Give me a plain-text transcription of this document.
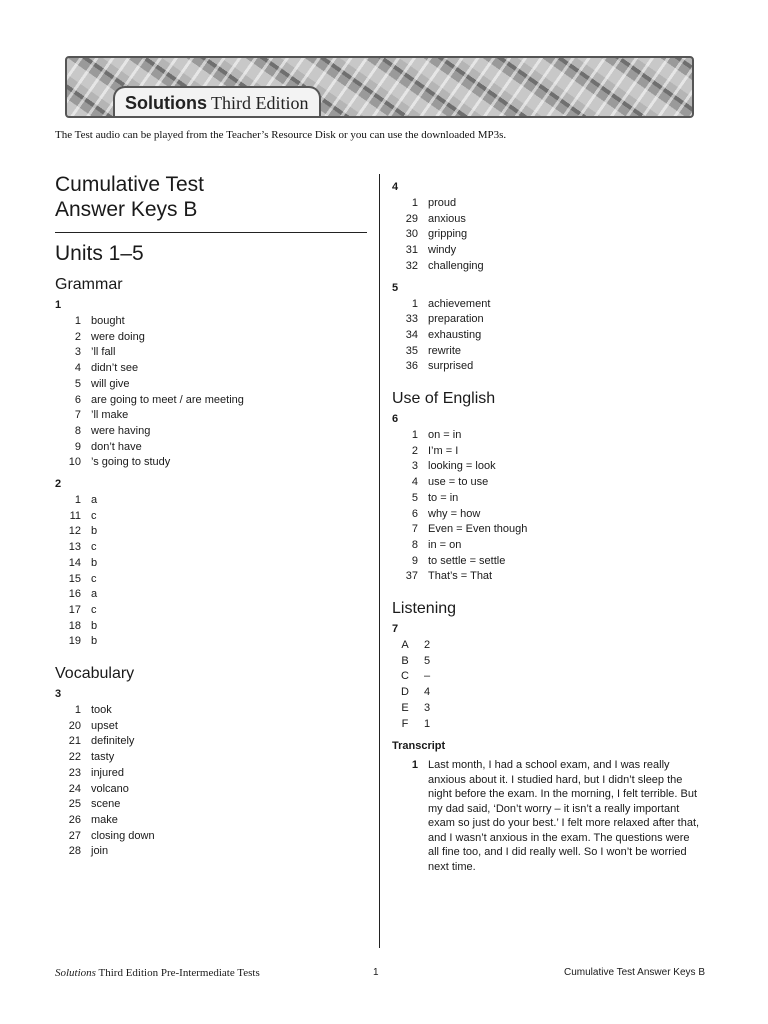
Solutions Third Edition
The Test audio can be played from the Teacher’s Resource Disk or you can use the downloaded MP3s.
Cumulative Test
Answer Keys B
Units 1–5
Grammar
1
1 bought
2 were doing
3 ’ll fall
4 didn’t see
5 will give
6 are going to meet / are meeting
7 ’ll make
8 were having
9 don’t have
10 ’s going to study
2
1 a
11 c
12 b
13 c
14 b
15 c
16 a
17 c
18 b
19 b
Vocabulary
3
1 took
20 upset
21 definitely
22 tasty
23 injured
24 volcano
25 scene
26 make
27 closing down
28 join
4
1 proud
29 anxious
30 gripping
31 windy
32 challenging
5
1 achievement
33 preparation
34 exhausting
35 rewrite
36 surprised
Use of English
6
1 on = in
2 I’m = I
3 looking = look
4 use = to use
5 to = in
6 why = how
7 Even = Even though
8 in = on
9 to settle = settle
37 That’s = That
Listening
7
A	2
B	5
C	–
D	4
E	3
F	1
Transcript
1 Last month, I had a school exam, and I was really anxious about it. I studied hard, but I didn’t sleep the night before the exam. In the morning, I felt terrible. But my dad said, ‘Don’t worry – it isn’t a really important exam so just do your best.’ I felt more relaxed after that, and I wasn’t anxious in the exam. The questions were all fine too, and I did really well. So I won’t be worried next time.
Solutions Third Edition Pre-Intermediate Tests	1	Cumulative Test Answer Keys B
